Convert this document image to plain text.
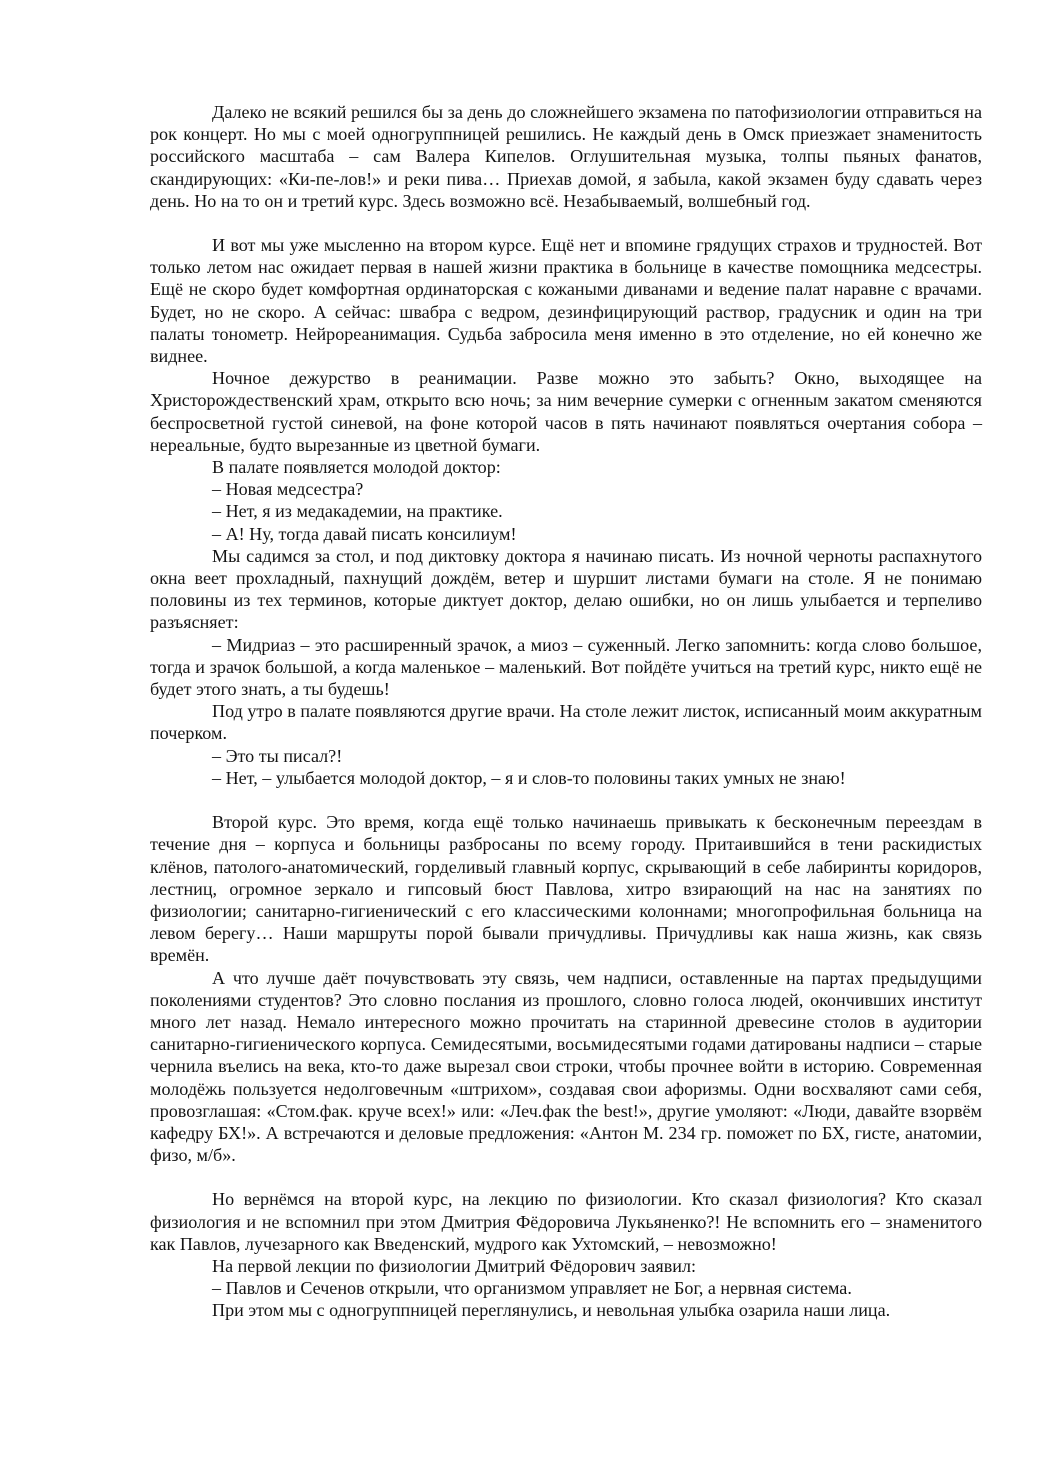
Далеко не всякий решился бы за день до сложнейшего экзамена по патофизиологии отправиться на рок концерт. Но мы с моей одногруппницей решились. Не каждый день в Омск приезжает знаменитость российского масштаба – сам Валера Кипелов. Оглушительная музыка, толпы пьяных фанатов, скандирующих: «Ки-пе-лов!» и реки пива… Приехав домой, я забыла, какой экзамен буду сдавать через день. Но на то он и третий курс. Здесь возможно всё. Незабываемый, волшебный год.

И вот мы уже мысленно на втором курсе. Ещё нет и впомине грядущих страхов и трудностей. Вот только летом нас ожидает первая в нашей жизни практика в больнице в качестве помощника медсестры. Ещё не скоро будет комфортная ординаторская с кожаными диванами и ведение палат наравне с врачами. Будет, но не скоро. А сейчас: швабра с ведром, дезинфицирующий раствор, градусник и один на три палаты тонометр. Нейрореанимация. Судьба забросила меня именно в это отделение, но ей конечно же виднее.

Ночное дежурство в реанимации. Разве можно это забыть? Окно, выходящее на Христорождественский храм, открыто всю ночь; за ним вечерние сумерки с огненным закатом сменяются беспросветной густой синевой, на фоне которой часов в пять начинают появляться очертания собора – нереальные, будто вырезанные из цветной бумаги.

В палате появляется молодой доктор:

– Новая медсестра?

– Нет, я из медакадемии, на практике.

– А! Ну, тогда давай писать консилиум!

Мы садимся за стол, и под диктовку доктора я начинаю писать. Из ночной черноты распахнутого окна веет прохладный, пахнущий дождём, ветер и шуршит листами бумаги на столе. Я не понимаю половины из тех терминов, которые диктует доктор, делаю ошибки, но он лишь улыбается и терпеливо разъясняет:

– Мидриаз – это расширенный зрачок, а миоз – суженный. Легко запомнить: когда слово большое, тогда и зрачок большой, а когда маленькое – маленький. Вот пойдёте учиться на третий курс, никто ещё не будет этого знать, а ты будешь!

Под утро в палате появляются другие врачи. На столе лежит листок, исписанный моим аккуратным почерком.

– Это ты писал?!

– Нет, – улыбается молодой доктор, – я и слов-то половины таких умных не знаю!

Второй курс. Это время, когда ещё только начинаешь привыкать к бесконечным переездам в течение дня – корпуса и больницы разбросаны по всему городу. Притаившийся в тени раскидистых клёнов, патолого-анатомический, горделивый главный корпус, скрывающий в себе лабиринты коридоров, лестниц, огромное зеркало и гипсовый бюст Павлова, хитро взирающий на нас на занятиях по физиологии; санитарно-гигиенический с его классическими колоннами; многопрофильная больница на левом берегу… Наши маршруты порой бывали причудливы. Причудливы как наша жизнь, как связь времён.

А что лучше даёт почувствовать эту связь, чем надписи, оставленные на партах предыдущими поколениями студентов? Это словно послания из прошлого, словно голоса людей, окончивших институт много лет назад. Немало интересного можно прочитать на старинной древесине столов в аудитории санитарно-гигиенического корпуса. Семидесятыми, восьмидесятыми годами датированы надписи – старые чернила въелись на века, кто-то даже вырезал свои строки, чтобы прочнее войти в историю. Современная молодёжь пользуется недолговечным «штрихом», создавая свои афоризмы. Одни восхваляют сами себя, провозглашая: «Стом.фак. круче всех!» или: «Леч.фак the best!», другие умоляют: «Люди, давайте взорвём кафедру БХ!». А встречаются и деловые предложения: «Антон М. 234 гр. поможет по БХ, гисте, анатомии, физо, м/б».

Но вернёмся на второй курс, на лекцию по физиологии. Кто сказал физиология? Кто сказал физиология и не вспомнил при этом Дмитрия Фёдоровича Лукьяненко?! Не вспомнить его – знаменитого как Павлов, лучезарного как Введенский, мудрого как Ухтомский, – невозможно!

На первой лекции по физиологии Дмитрий Фёдорович заявил:

– Павлов и Сеченов открыли, что организмом управляет не Бог, а нервная система.

При этом мы с одногруппницей переглянулись, и невольная улыбка озарила наши лица.
